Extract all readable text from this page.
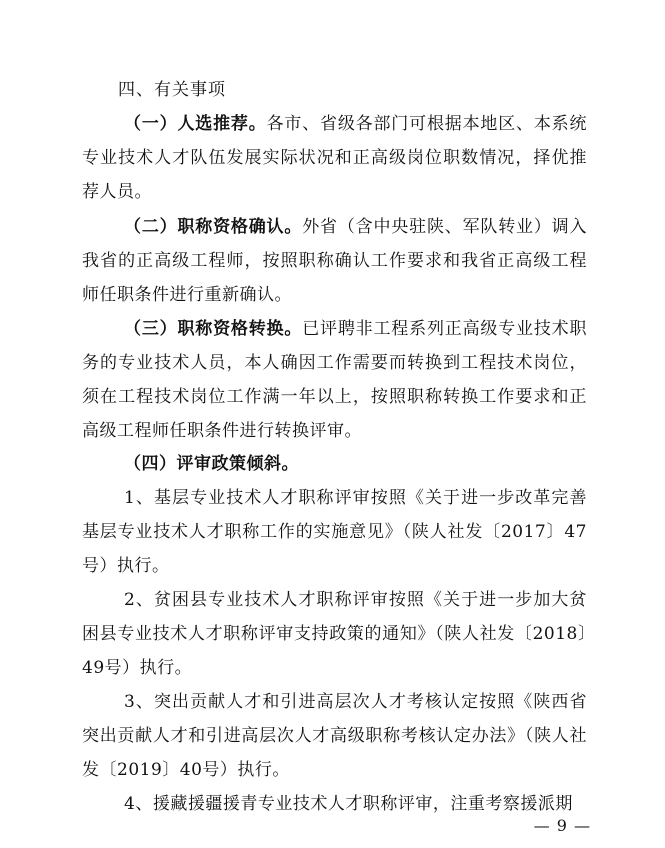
四、有关事项
（一）人选推荐。各市、省级各部门可根据本地区、本系统专业技术人才队伍发展实际状况和正高级岗位职数情况，择优推荐人员。
（二）职称资格确认。外省（含中央驻陕、军队转业）调入我省的正高级工程师，按照职称确认工作要求和我省正高级工程师任职条件进行重新确认。
（三）职称资格转换。已评聘非工程系列正高级专业技术职务的专业技术人员，本人确因工作需要而转换到工程技术岗位，须在工程技术岗位工作满一年以上，按照职称转换工作要求和正高级工程师任职条件进行转换评审。
（四）评审政策倾斜。
1、基层专业技术人才职称评审按照《关于进一步改革完善基层专业技术人才职称工作的实施意见》（陕人社发〔2017〕47号）执行。
2、贫困县专业技术人才职称评审按照《关于进一步加大贫困县专业技术人才职称评审支持政策的通知》（陕人社发〔2018〕49号）执行。
3、突出贡献人才和引进高层次人才考核认定按照《陕西省突出贡献人才和引进高层次人才高级职称考核认定办法》（陕人社发〔2019〕40号）执行。
4、援藏援疆援青专业技术人才职称评审，注重考察援派期
— 9 —
